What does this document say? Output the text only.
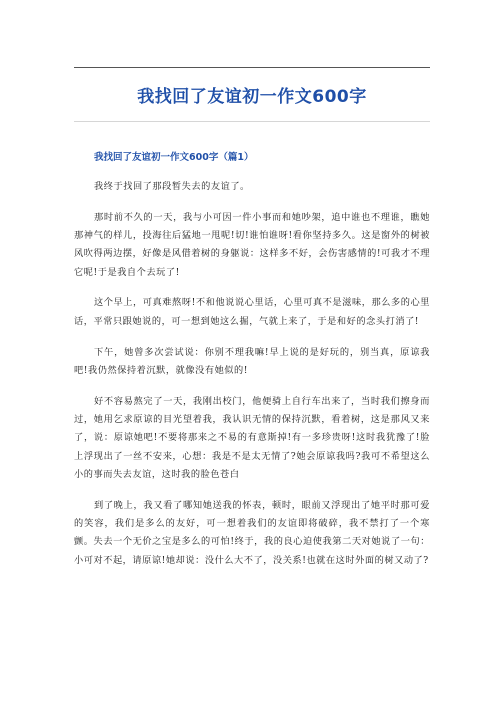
我找回了友谊初一作文600字
我找回了友谊初一作文600字（篇1）

我终于找回了那段暂失去的友谊了。

那时前不久的一天，我与小可因一件小事而和她吵架，追中谁也不理谁，瞧她那神气的样儿，投海往后猛地一甩呢!切!谁怕谁呀!看你坚持多久。这是窗外的树被风吹得两边摆，好像是风借着树的身躯说：这样多不好，会伤害感情的!可我才不理它呢!于是我自个去玩了!

这个早上，可真难熬呀!不和他说说心里话，心里可真不是滋味，那么多的心里话，平常只跟她说的，可一想到她这么掘，气就上来了，于是和好的念头打消了!

下午，她曾多次尝试说：你别不理我嘛!早上说的是好玩的，别当真，原谅我吧!我仍然保持着沉默，就像没有她似的!

好不容易熬完了一天，我刚出校门，他便骑上自行车出来了，当时我们擦身而过，她用乞求原谅的目光望着我，我认识无情的保持沉默，看着树，这是那风又来了，说：原谅她吧!不要将那来之不易的有意斯掉!有一多珍贵呀!这时我犹豫了!脸上浮现出了一丝不安来，心想：我是不是太无情了?她会原谅我吗?我可不希望这么小的事而失去友谊，这时我的脸色苍白

到了晚上，我又看了哪知她送我的怀表，顿时，眼前又浮现出了她平时那可爱的笑容，我们是多么的友好，可一想着我们的友谊即将破碎，我不禁打了一个寒颤。失去一个无价之宝是多么的可怕!终于，我的良心迫使我第二天对她说了一句：小可对不起，请原谅!她却说：没什么大不了，没关系!也就在这时外面的树又动了?
